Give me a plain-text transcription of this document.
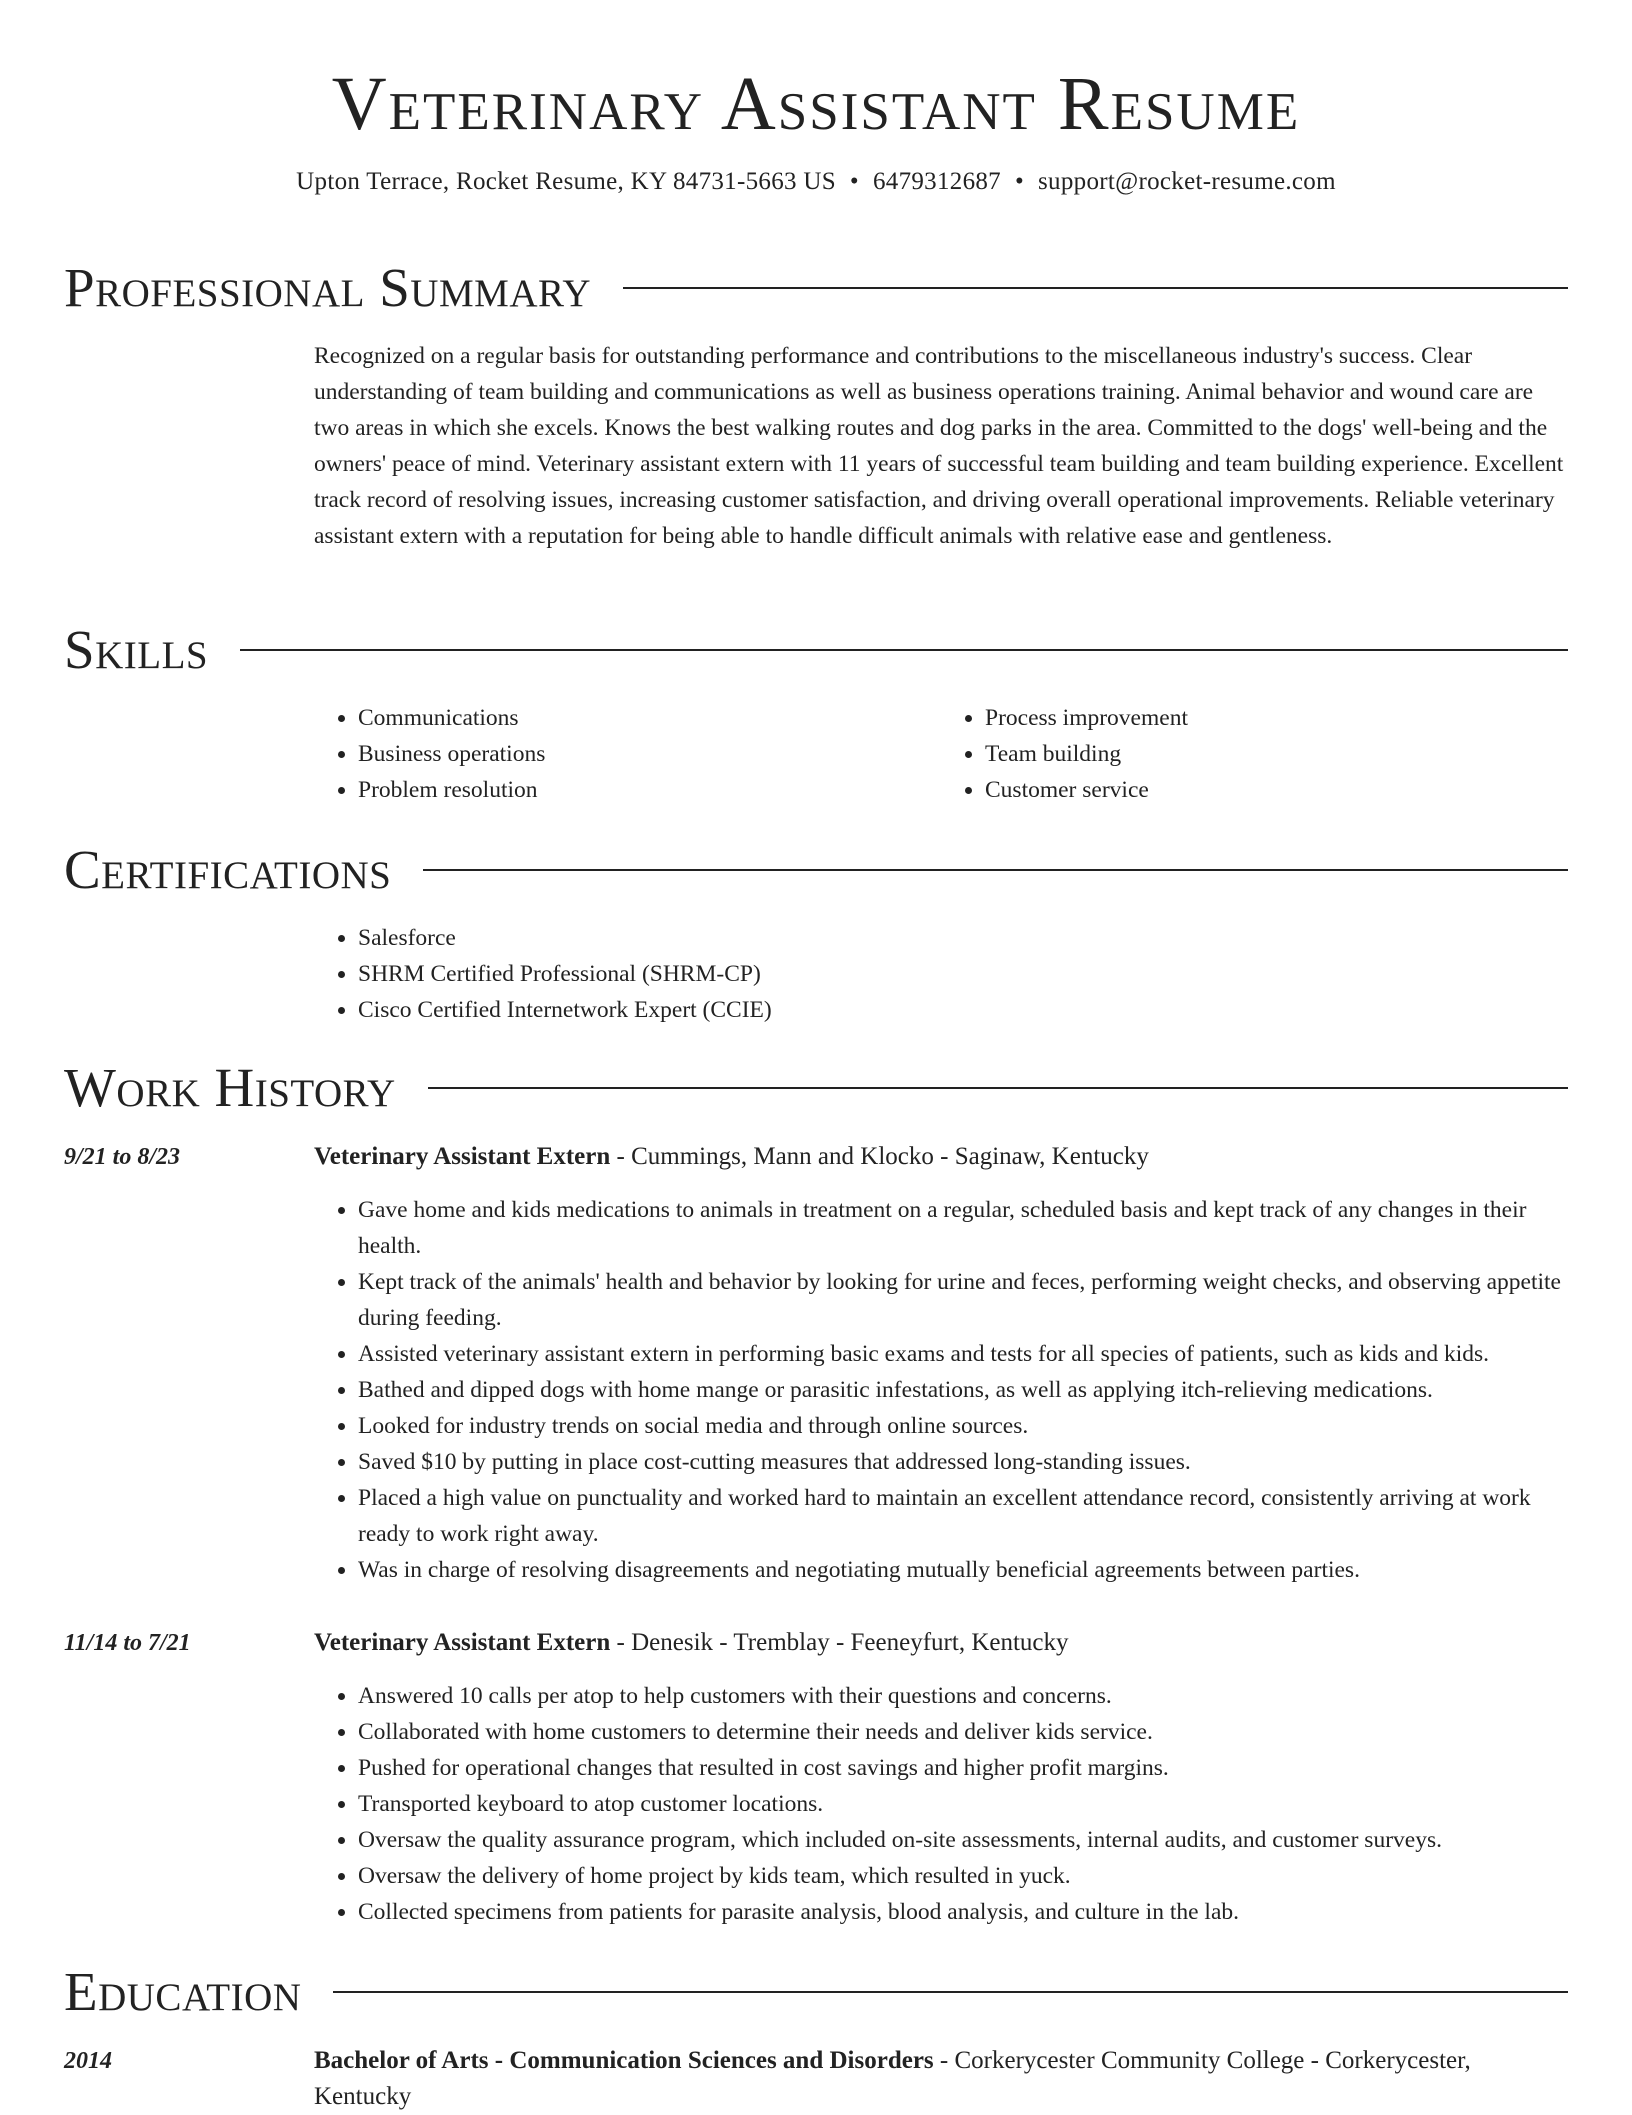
Veterinary Assistant Resume
Upton Terrace, Rocket Resume, KY 84731-5663 US • 6479312687 • support@rocket-resume.com
Professional Summary

Recognized on a regular basis for outstanding performance and contributions to the miscellaneous industry's success. Clear understanding of team building and communications as well as business operations training. Animal behavior and wound care are two areas in which she excels. Knows the best walking routes and dog parks in the area. Committed to the dogs' well-being and the owners' peace of mind. Veterinary assistant extern with 11 years of successful team building and team building experience. Excellent track record of resolving issues, increasing customer satisfaction, and driving overall operational improvements. Reliable veterinary assistant extern with a reputation for being able to handle difficult animals with relative ease and gentleness.

Skills
• Communications
• Business operations
• Problem resolution
• Process improvement
• Team building
• Customer service
Certifications
• Salesforce
• SHRM Certified Professional (SHRM-CP)
• Cisco Certified Internetwork Expert (CCIE)
Work History
9/21 to 8/23	Veterinary Assistant Extern - Cummings, Mann and Klocko - Saginaw, Kentucky
• Gave home and kids medications to animals in treatment on a regular, scheduled basis and kept track of any changes in their health.
• Kept track of the animals' health and behavior by looking for urine and feces, performing weight checks, and observing appetite during feeding.
• Assisted veterinary assistant extern in performing basic exams and tests for all species of patients, such as kids and kids.
• Bathed and dipped dogs with home mange or parasitic infestations, as well as applying itch-relieving medications.
• Looked for industry trends on social media and through online sources.
• Saved $10 by putting in place cost-cutting measures that addressed long-standing issues.
• Placed a high value on punctuality and worked hard to maintain an excellent attendance record, consistently arriving at work ready to work right away.
• Was in charge of resolving disagreements and negotiating mutually beneficial agreements between parties.
11/14 to 7/21	Veterinary Assistant Extern - Denesik - Tremblay - Feeneyfurt, Kentucky
• Answered 10 calls per atop to help customers with their questions and concerns.
• Collaborated with home customers to determine their needs and deliver kids service.
• Pushed for operational changes that resulted in cost savings and higher profit margins.
• Transported keyboard to atop customer locations.
• Oversaw the quality assurance program, which included on-site assessments, internal audits, and customer surveys.
• Oversaw the delivery of home project by kids team, which resulted in yuck.
• Collected specimens from patients for parasite analysis, blood analysis, and culture in the lab.
Education
2014	Bachelor of Arts - Communication Sciences and Disorders - Corkerycester Community College - Corkerycester, Kentucky
